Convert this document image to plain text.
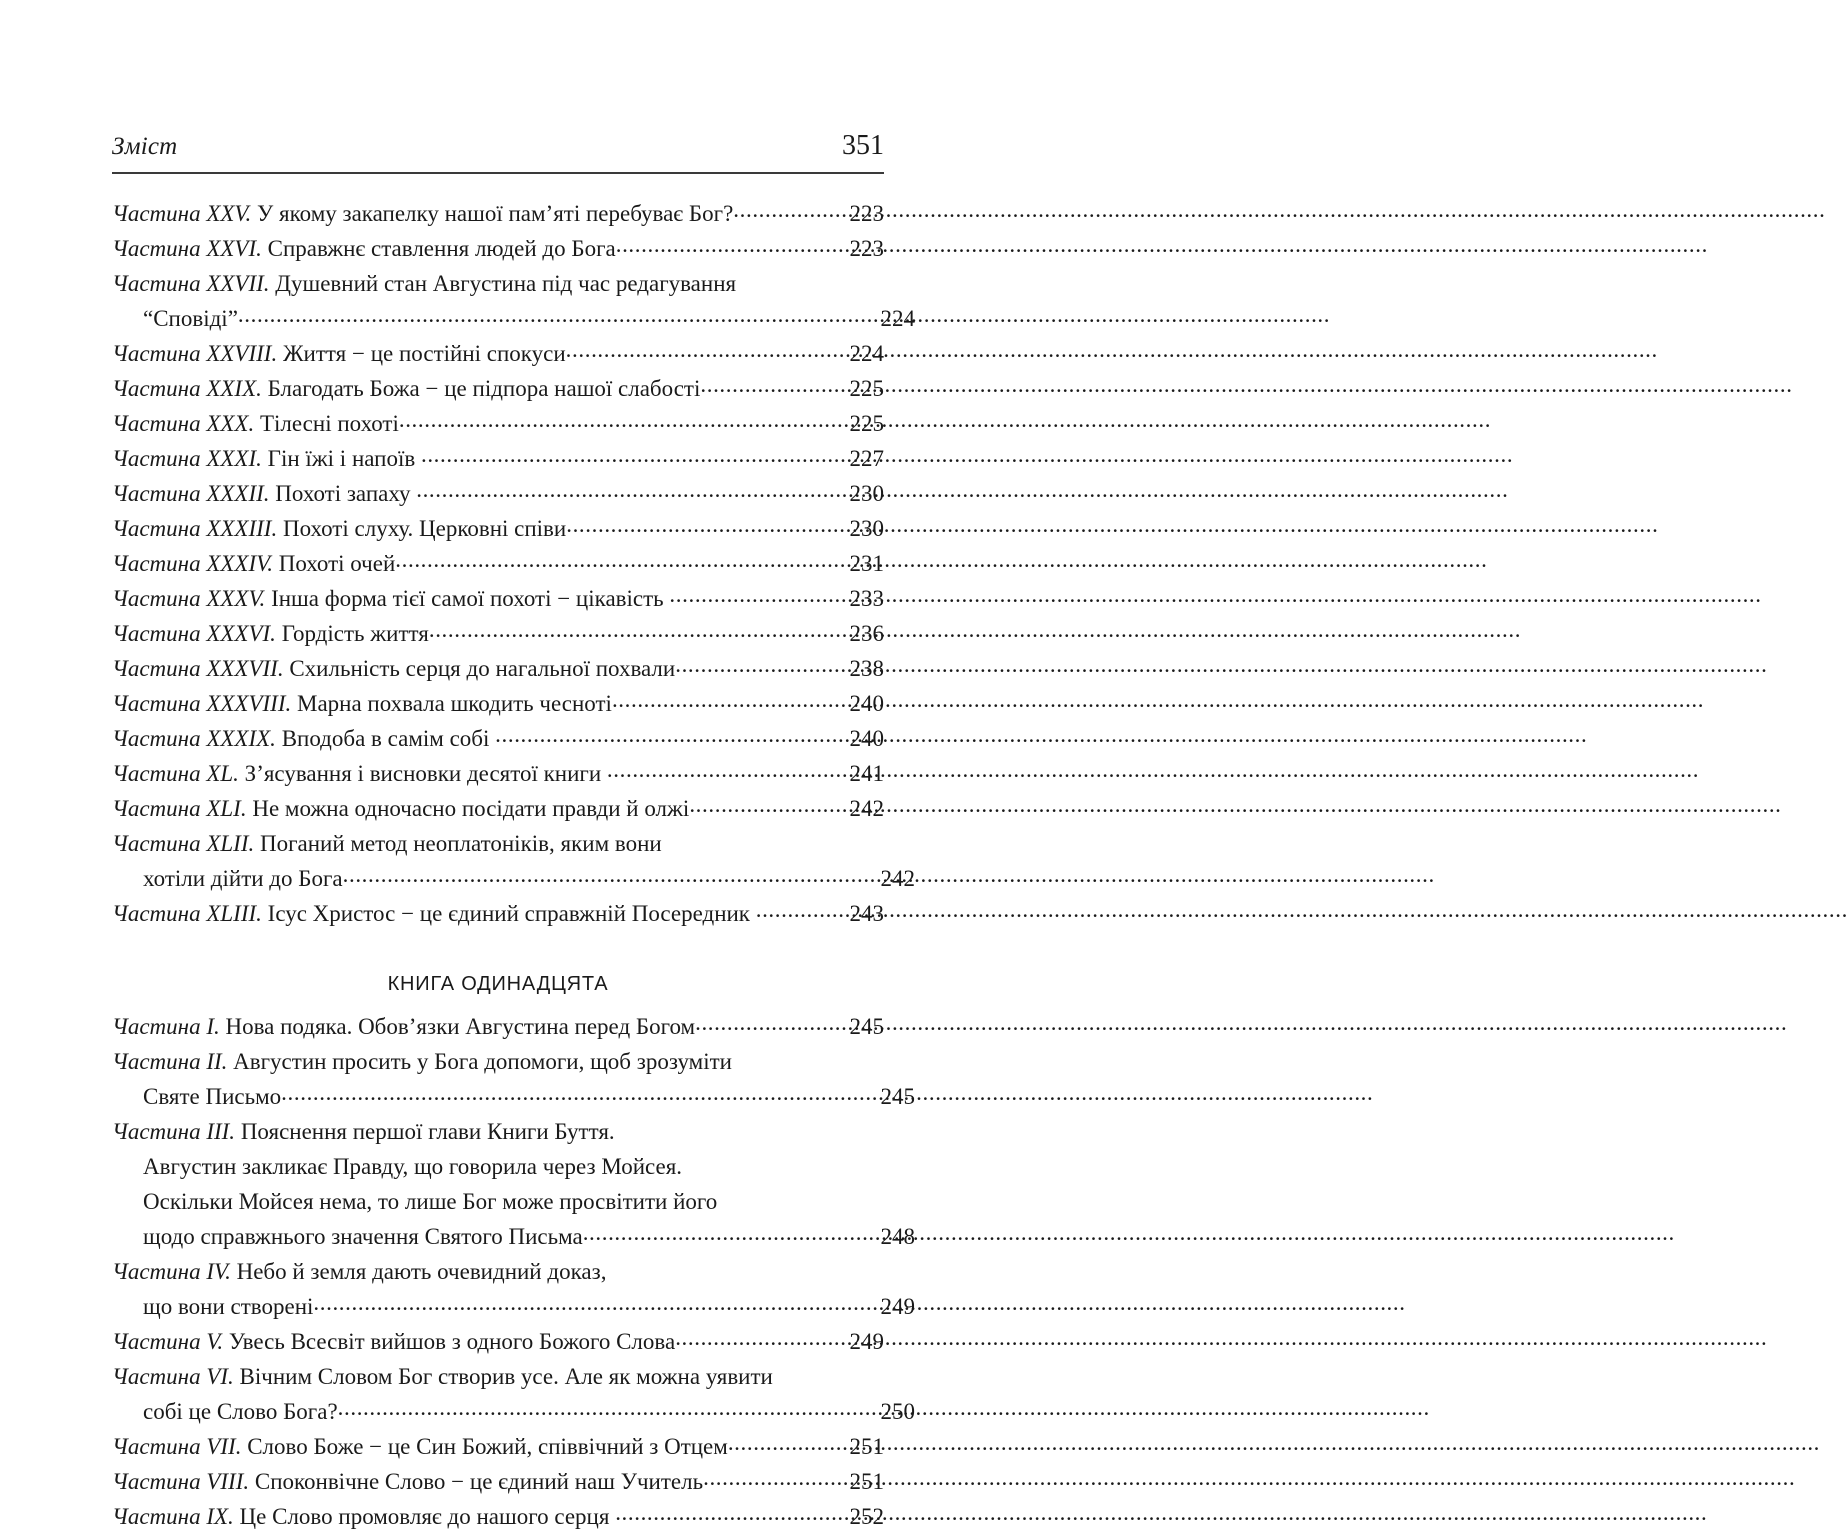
Зміст	351
Частина XXV. У якому закапелку нашої пам’яті перебуває Бог? .....	223
Частина XXVI. Справжнє ставлення людей до Бога .....	223
Частина XXVII. Душевний стан Августина під час редагування
“Сповіді” .....	224
Частина XXVIII. Життя − це постійні спокуси .....	224
Частина XXIX. Благодать Божа − це підпора нашої слабості .....	225
Частина XXX. Тілесні похоті .....	225
Частина XXXI. Гін їжі і напоїв .....	227
Частина XXXII. Похоті запаху .....	230
Частина XXXIII. Похоті слуху. Церковні співи .....	230
Частина XXXIV. Похоті очей .....	231
Частина XXXV. Інша форма тієї самої похоті − цікавість .....	233
Частина XXXVI. Гордість життя .....	236
Частина XXXVII. Схильність серця до нагальної похвали .....	238
Частина XXXVIII. Марна похвала шкодить чесноті .....	240
Частина XXXIX. Вподоба в самім собі .....	240
Частина XL. З’ясування і висновки десятої книги .....	241
Частина XLI. Не можна одночасно посідати правди й олжі .....	242
Частина XLII. Поганий метод неоплатоніків, яким вони
хотіли дійти до Бога .....	242
Частина XLIII. Ісус Христос − це єдиний справжній Посередник .....	243
КНИГА ОДИНАДЦЯТА
Частина I. Нова подяка. Обов’язки Августина перед Богом .....	245
Частина II. Августин просить у Бога допомоги, щоб зрозуміти
Святе Письмо .....	245
Частина III. Пояснення першої глави Книги Буття.
Августин закликає Правду, що говорила через Мойсея.
Оскільки Мойсея нема, то лише Бог може просвітити його
щодо справжнього значення Святого Письма .....	248
Частина IV. Небо й земля дають очевидний доказ,
що вони створені .....	249
Частина V. Увесь Всесвіт вийшов з одного Божого Слова .....	249
Частина VI. Вічним Словом Бог створив усе. Але як можна уявити
собі це Слово Бога? .....	250
Частина VII. Слово Боже − це Син Божий, співвічний з Отцем .....	251
Частина VIII. Споконвічне Слово − це єдиний наш Учитель .....	251
Частина IX. Це Слово промовляє до нашого серця .....	252
